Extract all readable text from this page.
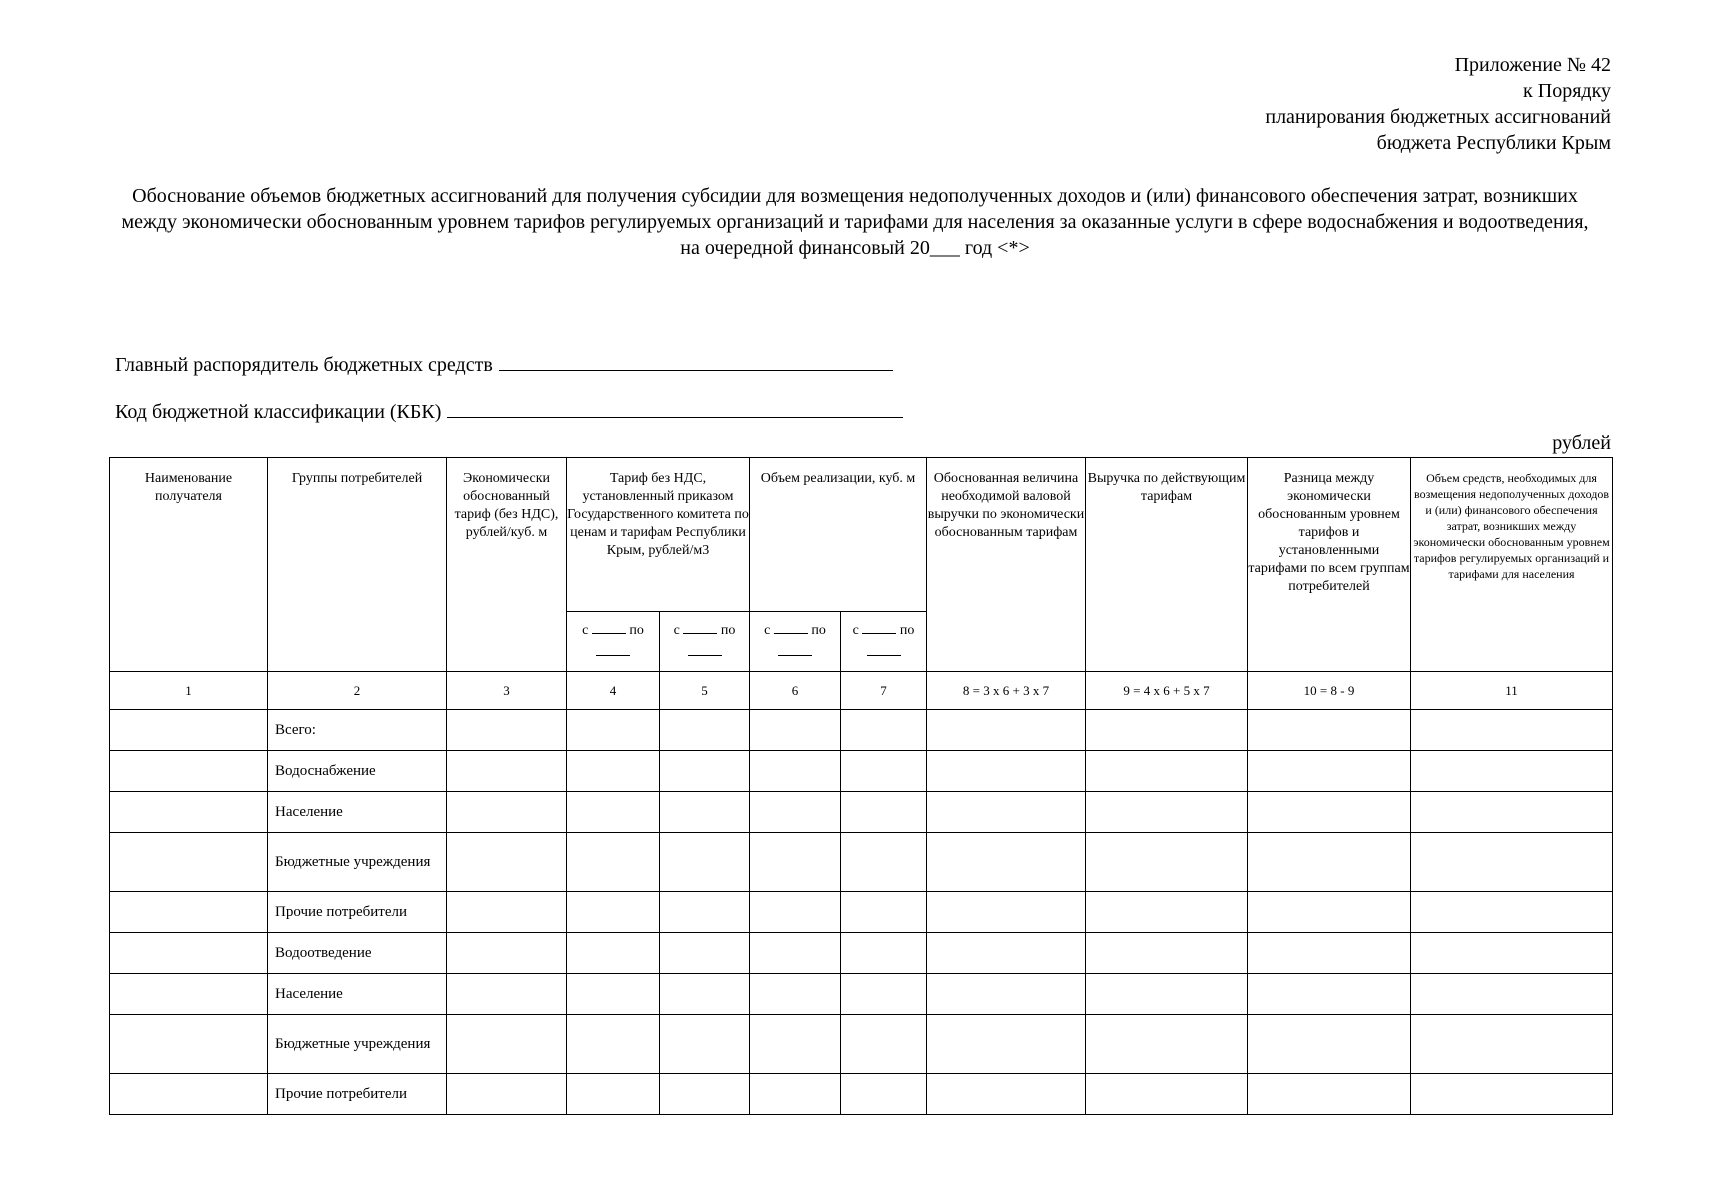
Приложение № 42
к Порядку
планирования бюджетных ассигнований
бюджета Республики Крым
Обоснование объемов бюджетных ассигнований для получения субсидии для возмещения недополученных доходов и (или) финансового обеспечения затрат, возникших между экономически обоснованным уровнем тарифов регулируемых организаций и тарифами для населения за оказанные услуги в сфере водоснабжения и водоотведения, на очередной финансовый 20___ год <*>
Главный распорядитель бюджетных средств
Код бюджетной классификации (КБК)
рублей
Наименование получателя	Группы потребителей	Экономически обоснованный тариф (без НДС), рублей/куб. м	Тариф без НДС, установленный приказом Государственного комитета по ценам и тарифам Республики Крым, рублей/м3		Объем реализации, куб. м		Обоснованная величина необходимой валовой выручки по экономически обоснованным тарифам	Выручка по действующим тарифам	Разница между экономически обоснованным уровнем тарифов и установленными тарифами по всем группам потребителей	Объем средств, необходимых для возмещения недополученных доходов и (или) финансового обеспечения затрат, возникших между экономически обоснованным уровнем тарифов регулируемых организаций и тарифами для населения
			с по	с по	с по	с по				

1	2	3	4	5	6	7	8 = 3 x 6 + 3 x 7	9 = 4 x 6 + 5 x 7	10 = 8 - 9	11
	Всего:									
	Водоснабжение									
	Население									
	Бюджетные учреждения									
	Прочие потребители									
	Водоотведение									
	Население									
	Бюджетные учреждения									
	Прочие потребители									
